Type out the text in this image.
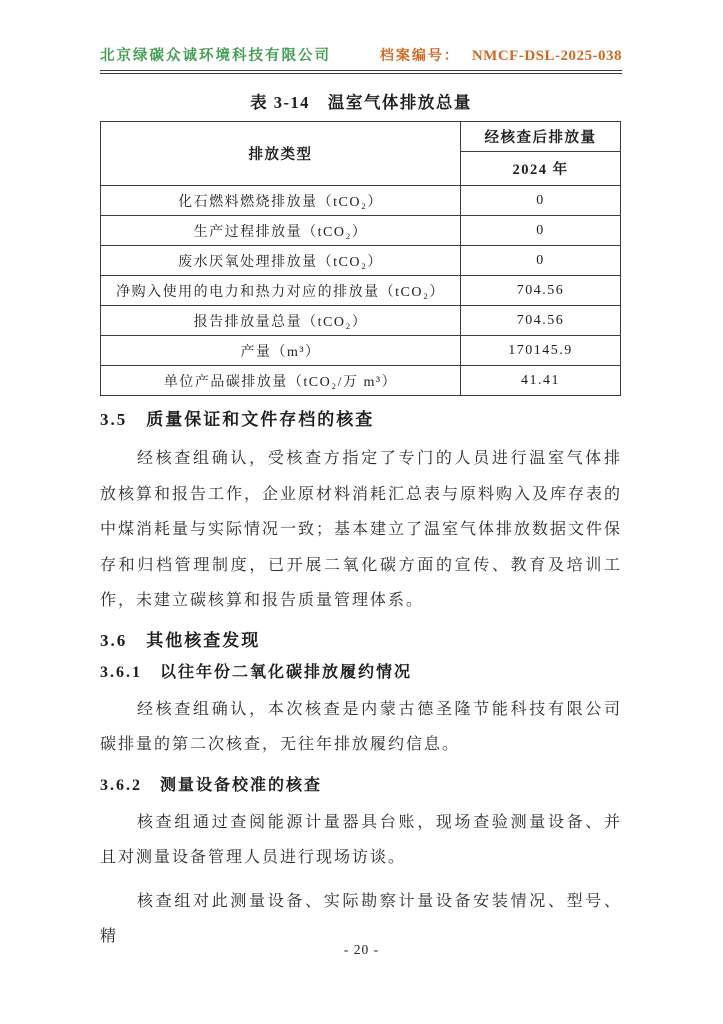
北京绿碳众诚环境科技有限公司	档案编号： NMCF-DSL-2025-038
表 3-14　温室气体排放总量
排放类型	经核查后排放量
	2024 年
化石燃料燃烧排放量（tCO₂）	0
生产过程排放量（tCO₂）	0
废水厌氧处理排放量（tCO₂）	0
净购入使用的电力和热力对应的排放量（tCO₂）	704.56
报告排放量总量（tCO₂）	704.56
产量（m³）	170145.9
单位产品碳排放量（tCO₂/万 m³）	41.41
3.5　质量保证和文件存档的核查

经核查组确认，受核查方指定了专门的人员进行温室气体排放核算和报告工作，企业原材料消耗汇总表与原料购入及库存表的中煤消耗量与实际情况一致；基本建立了温室气体排放数据文件保存和归档管理制度，已开展二氧化碳方面的宣传、教育及培训工作，未建立碳核算和报告质量管理体系。

3.6　其他核查发现
3.6.1　以往年份二氧化碳排放履约情况

经核查组确认，本次核查是内蒙古德圣隆节能科技有限公司碳排量的第二次核查，无往年排放履约信息。

3.6.2　测量设备校准的核查

核查组通过查阅能源计量器具台账，现场查验测量设备、并且对测量设备管理人员进行现场访谈。

核查组对此测量设备、实际勘察计量设备安装情况、型号、精

- 20 -
